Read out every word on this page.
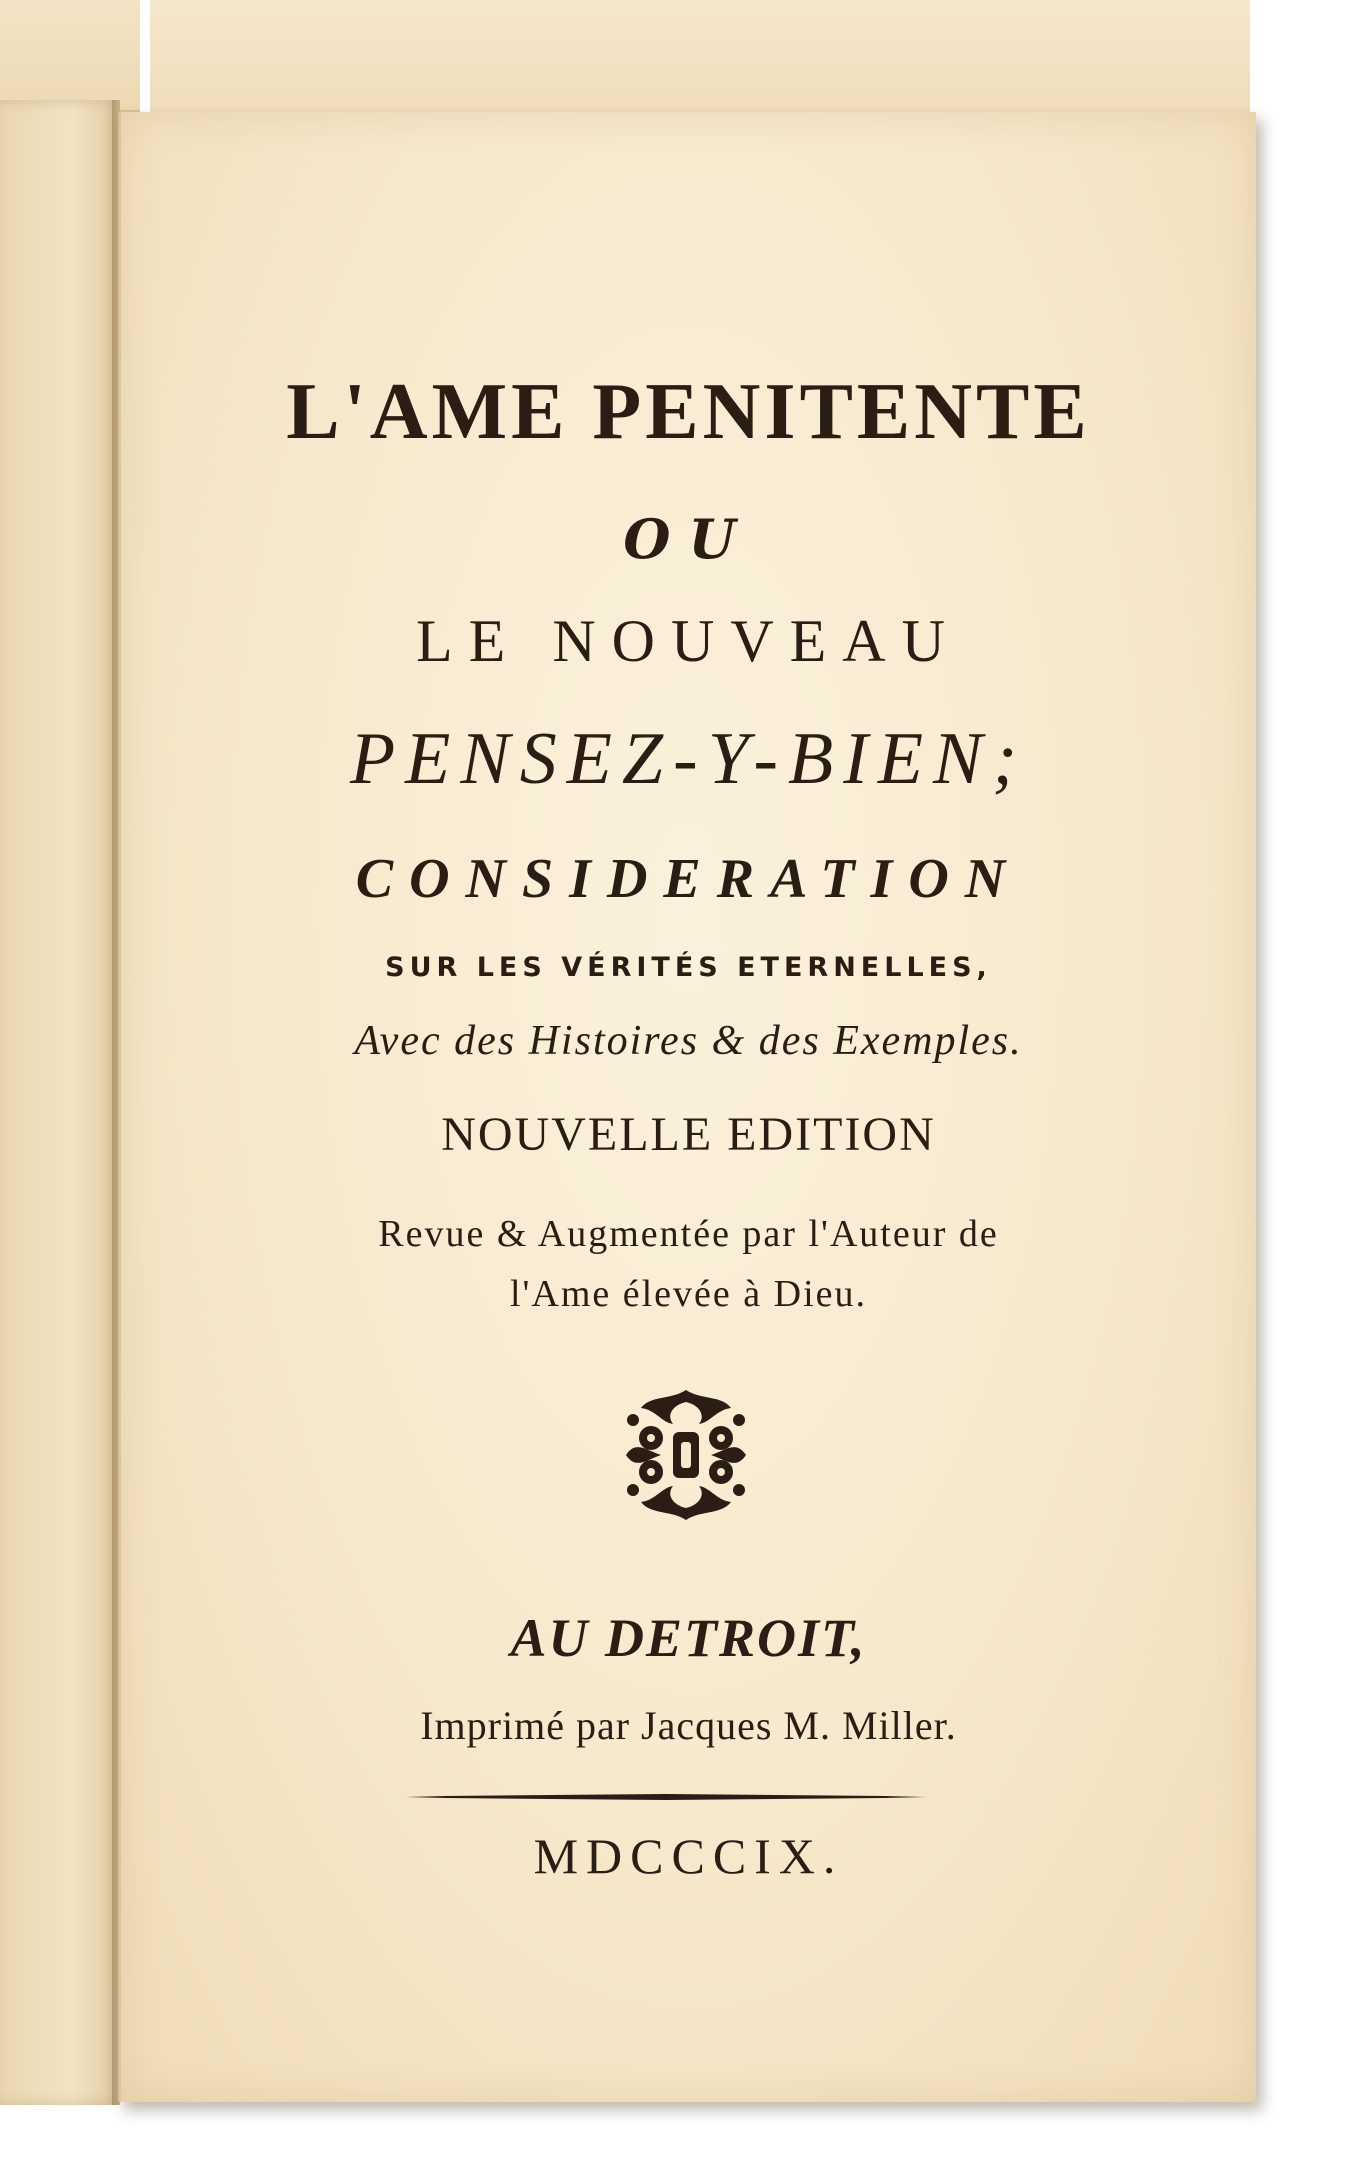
L'AME PENITENTE
OU
LE NOUVEAU
PENSEZ-Y-BIEN;
CONSIDERATION
SUR LES VÉRITÉS ETERNELLES,
Avec des Histoires & des Exemples.
NOUVELLE EDITION
Revue & Augmentée par l'Auteur de
l'Ame élevée à Dieu.
AU DETROIT,
Imprimé par Jacques M. Miller.
MDCCCIX.
